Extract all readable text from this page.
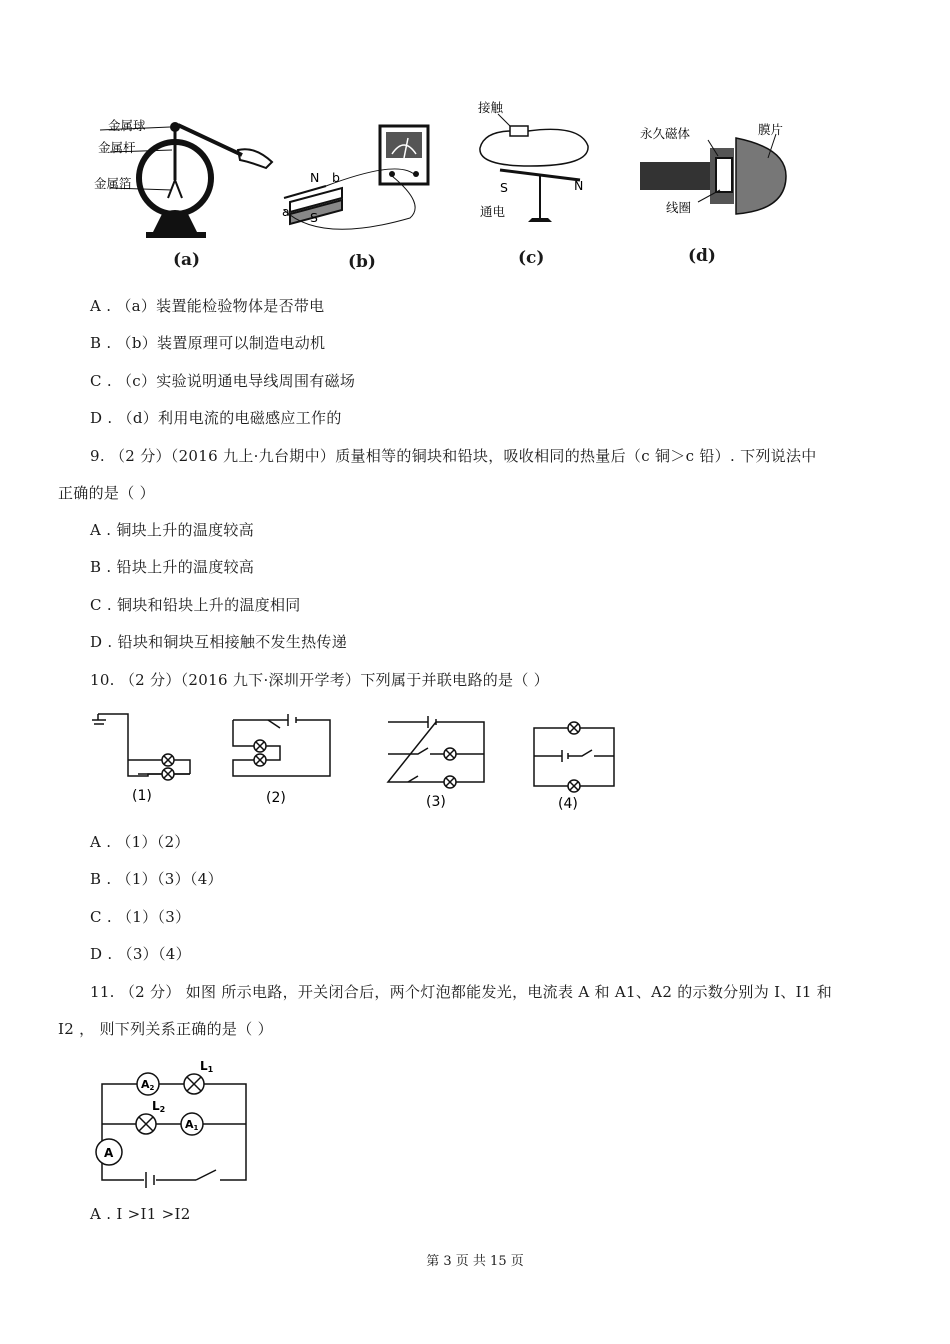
金属球
金属杆
金属箔
(a)
N b
a S
(b)
接触
S	N
通电
(c)
永久磁体	膜片
线圈
(d)
A . （a）装置能检验物体是否带电
B . （b）装置原理可以制造电动机
C . （c）实验说明通电导线周围有磁场
D . （d）利用电流的电磁感应工作的
9. （2 分）（2016 九上·九台期中）质量相等的铜块和铅块，吸收相同的热量后（c 铜＞c 铅）. 下列说法中
正确的是（ ）
A . 铜块上升的温度较高
B . 铅块上升的温度较高
C . 铜块和铅块上升的温度相同
D . 铅块和铜块互相接触不发生热传递
10. （2 分）（2016 九下·深圳开学考）下列属于并联电路的是（ ）
(1)	(2)	(3)	(4)
A . （1）（2）
B . （1）（3）（4）
C . （1）（3）
D . （3）（4）
11. （2 分） 如图 所示电路，开关闭合后，两个灯泡都能发光，电流表 A 和 A1、A2 的示数分别为 I、I1 和
I2 ， 则下列关系正确的是（ ）
A2
L1
L2
A1
A
A . I >I1 >I2
第 3 页 共 15 页
